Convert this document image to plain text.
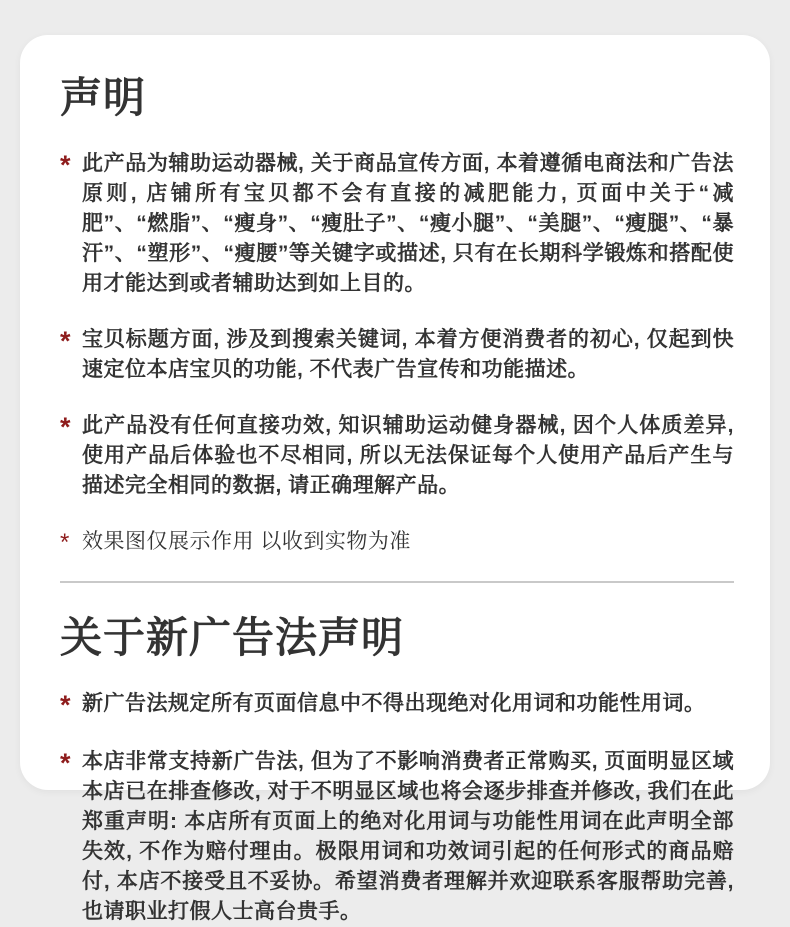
声明
* 此产品为辅助运动器械, 关于商品宣传方面, 本着遵循电商法和广告法原则, 店铺所有宝贝都不会有直接的减肥能力, 页面中关于“减肥”、“燃脂”、“瘦身”、“瘦肚子”、“瘦小腿”、“美腿”、“瘦腿”、“暴汗”、“塑形”、“瘦腰”等关键字或描述, 只有在长期科学锻炼和搭配使用才能达到或者辅助达到如上目的。

* 宝贝标题方面, 涉及到搜索关键词, 本着方便消费者的初心, 仅起到快速定位本店宝贝的功能, 不代表广告宣传和功能描述。

* 此产品没有任何直接功效, 知识辅助运动健身器械, 因个人体质差异, 使用产品后体验也不尽相同, 所以无法保证每个人使用产品后产生与描述完全相同的数据, 请正确理解产品。

* 效果图仅展示作用 以收到实物为准

关于新广告法声明
* 新广告法规定所有页面信息中不得出现绝对化用词和功能性用词。

* 本店非常支持新广告法, 但为了不影响消费者正常购买, 页面明显区域本店已在排查修改, 对于不明显区域也将会逐步排查并修改, 我们在此郑重声明: 本店所有页面上的绝对化用词与功能性用词在此声明全部失效, 不作为赔付理由。极限用词和功效词引起的任何形式的商品赔付, 本店不接受且不妥协。希望消费者理解并欢迎联系客服帮助完善, 也请职业打假人士高台贵手。
